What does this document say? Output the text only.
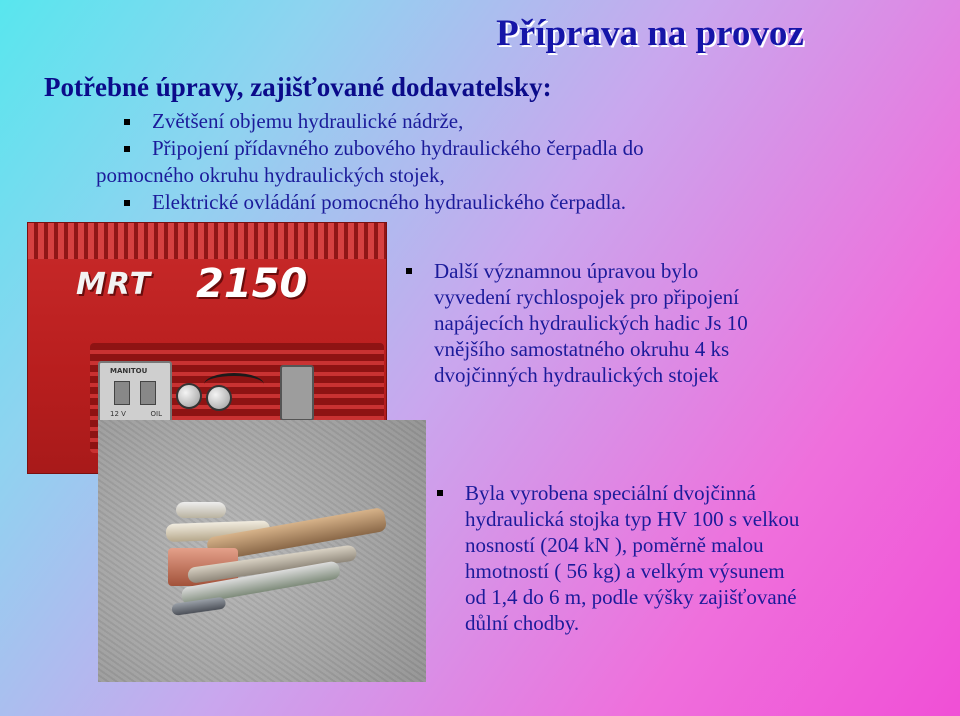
Příprava na provoz
Potřebné úpravy, zajišťované dodavatelsky:
Zvětšení objemu hydraulické nádrže,
Připojení přídavného zubového hydraulického čerpadla do
pomocného okruhu hydraulických stojek,
Elektrické ovládání pomocného hydraulického čerpadla.
MRT 2150
MANITOU
12 V	OIL
Další významnou úpravou bylo
vyvedení rychlospojek pro připojení
napájecích hydraulických hadic Js 10
vnějšího samostatného okruhu 4 ks
dvojčinných hydraulických stojek
Byla vyrobena speciální dvojčinná
hydraulická stojka typ HV 100 s velkou
nosností (204 kN ), poměrně malou
hmotností ( 56 kg) a velkým výsunem
od 1,4 do 6 m, podle výšky zajišťované
důlní chodby.
